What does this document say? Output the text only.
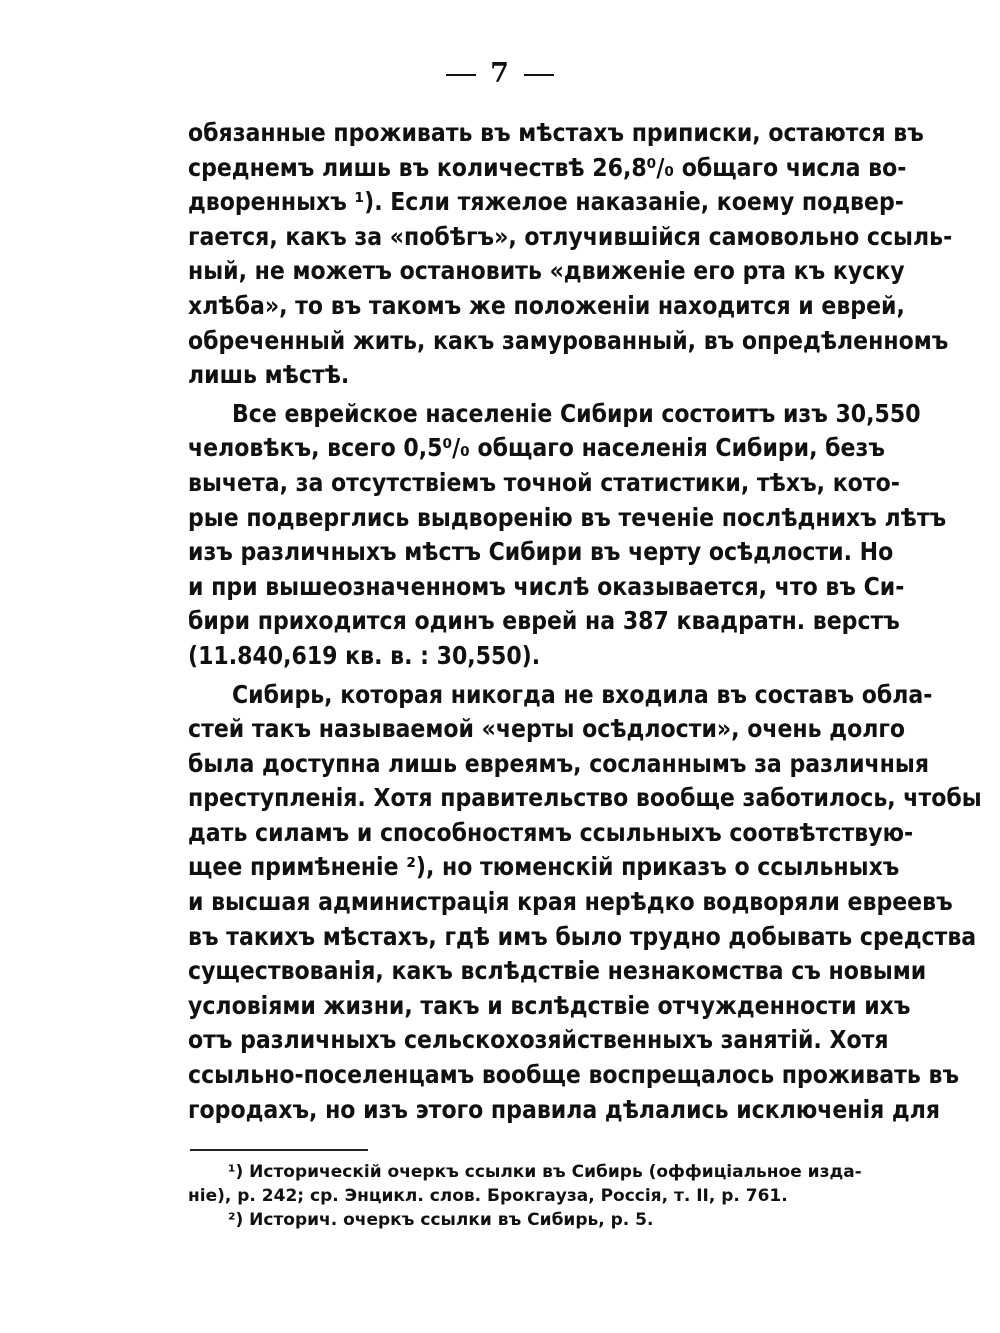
7

обязанные проживать въ мѣстахъ приписки, остаются въ
среднемъ лишь въ количествѣ 26,8⁰/₀ общаго числа во-
дворенныхъ ¹). Если тяжелое наказаніе, коему подвер-
гается, какъ за «побѣгъ», отлучившійся самовольно ссыль-
ный, не можетъ остановить «движеніе его рта къ куску
хлѣба», то въ такомъ же положеніи находится и еврей,
обреченный жить, какъ замурованный, въ опредѣленномъ
лишь мѣстѣ.

Все еврейское населеніе Сибири состоитъ изъ 30,550
человѣкъ, всего 0,5⁰/₀ общаго населенія Сибири, безъ
вычета, за отсутствіемъ точной статистики, тѣхъ, кото-
рые подверглись выдворенію въ теченіе послѣднихъ лѣтъ
изъ различныхъ мѣстъ Сибири въ черту осѣдлости. Но
и при вышеозначенномъ числѣ оказывается, что въ Си-
бири приходится одинъ еврей на 387 квадратн. верстъ
(11.840,619 кв. в. : 30,550).

Сибирь, которая никогда не входила въ составъ обла-
стей такъ называемой «черты осѣдлости», очень долго
была доступна лишь евреямъ, сосланнымъ за различныя
преступленія. Хотя правительство вообще заботилось, чтобы
дать силамъ и способностямъ ссыльныхъ соотвѣтствую-
щее примѣненіе ²), но тюменскій приказъ о ссыльныхъ
и высшая администрація края нерѣдко водворяли евреевъ
въ такихъ мѣстахъ, гдѣ имъ было трудно добывать средства
существованія, какъ вслѣдствіе незнакомства съ новыми
условіями жизни, такъ и вслѣдствіе отчужденности ихъ
отъ различныхъ сельскохозяйственныхъ занятій. Хотя
ссыльно-поселенцамъ вообще воспрещалось проживать въ
городахъ, но изъ этого правила дѣлались исключенія для

¹) Историческій очеркъ ссылки въ Сибирь (оффиціальное изда-
ніе), p. 242; ср. Энцикл. слов. Брокгауза, Россія, т. II, p. 761.
²) Историч. очеркъ ссылки въ Сибирь, p. 5.
